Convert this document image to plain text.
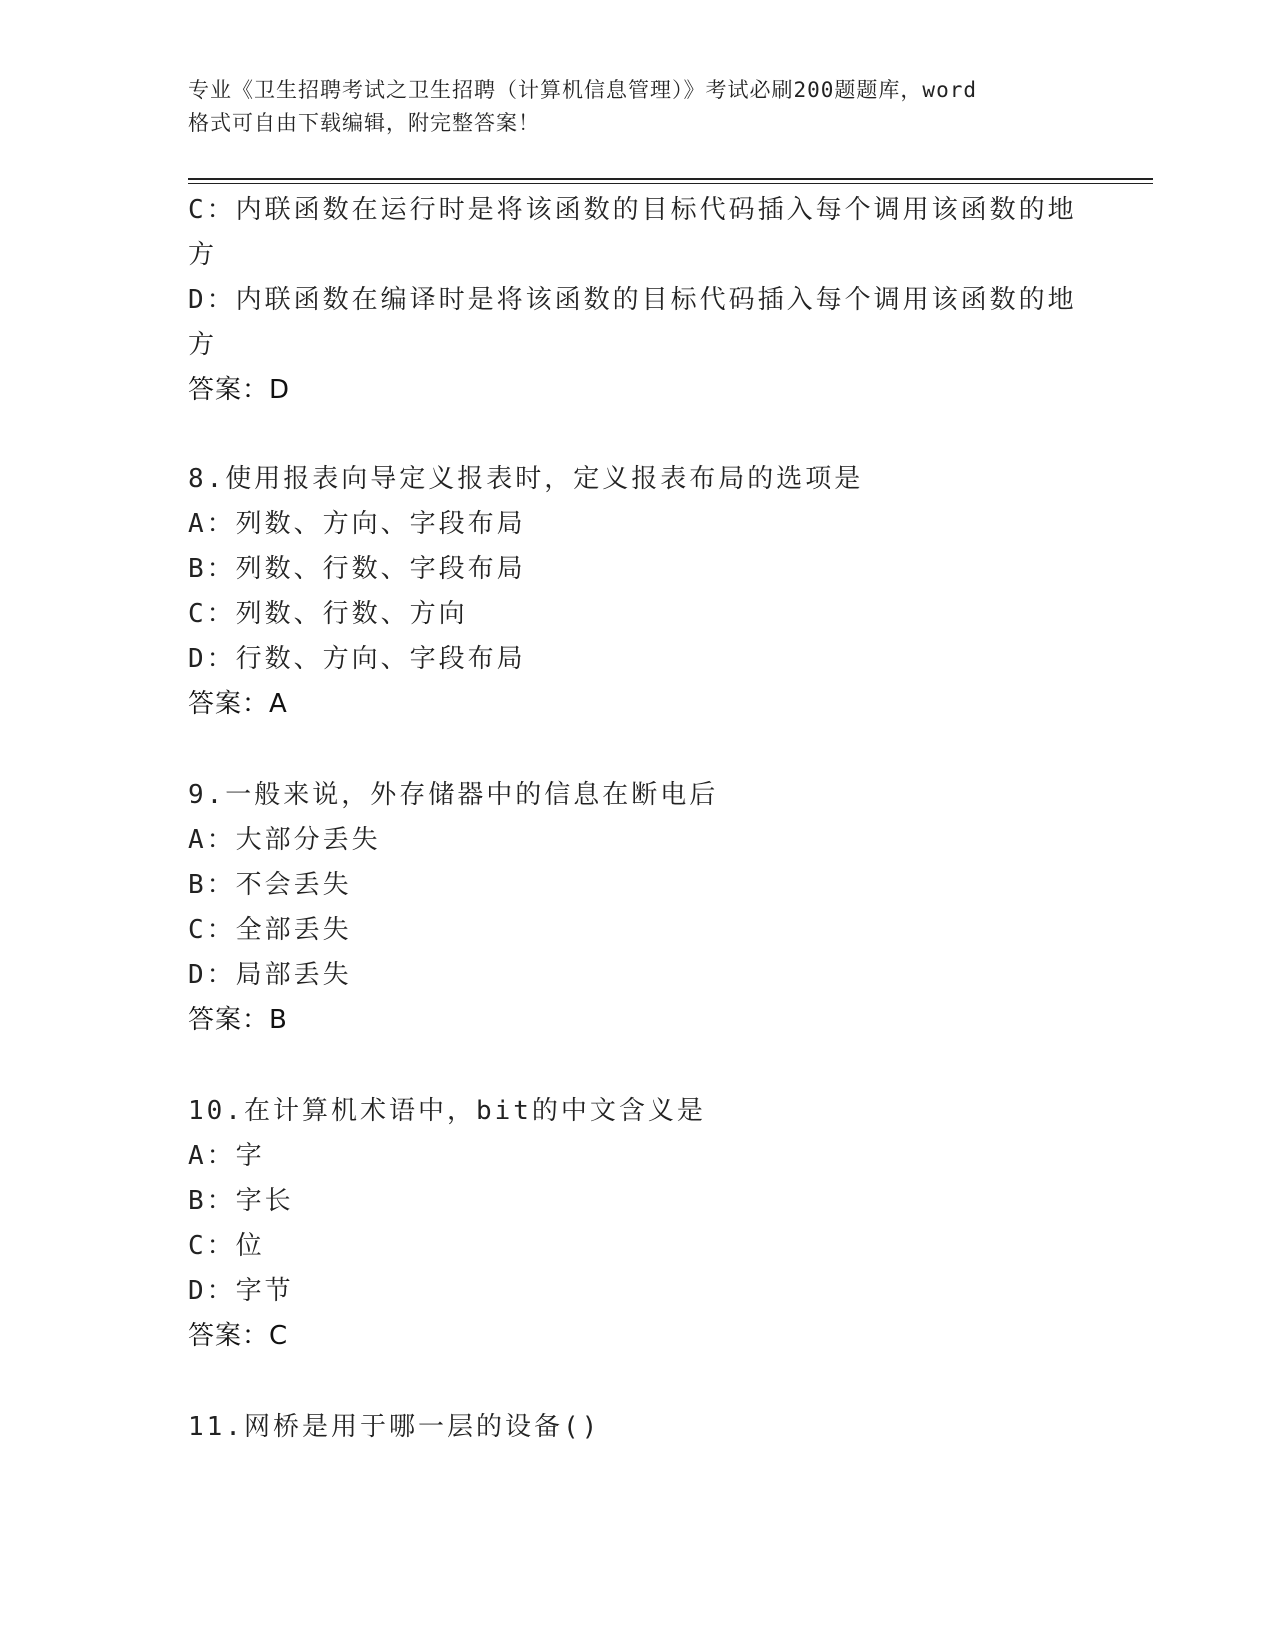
专业《卫生招聘考试之卫生招聘（计算机信息管理）》考试必刷200题题库，word
格式可自由下载编辑，附完整答案！
C：内联函数在运行时是将该函数的目标代码插入每个调用该函数的地
方
D：内联函数在编译时是将该函数的目标代码插入每个调用该函数的地
方
答案：D
8.使用报表向导定义报表时，定义报表布局的选项是
A：列数、方向、字段布局
B：列数、行数、字段布局
C：列数、行数、方向
D：行数、方向、字段布局
答案：A
9.一般来说，外存储器中的信息在断电后
A：大部分丢失
B：不会丢失
C：全部丢失
D：局部丢失
答案：B
10.在计算机术语中，bit的中文含义是
A：字
B：字长
C：位
D：字节
答案：C
11.网桥是用于哪一层的设备()
